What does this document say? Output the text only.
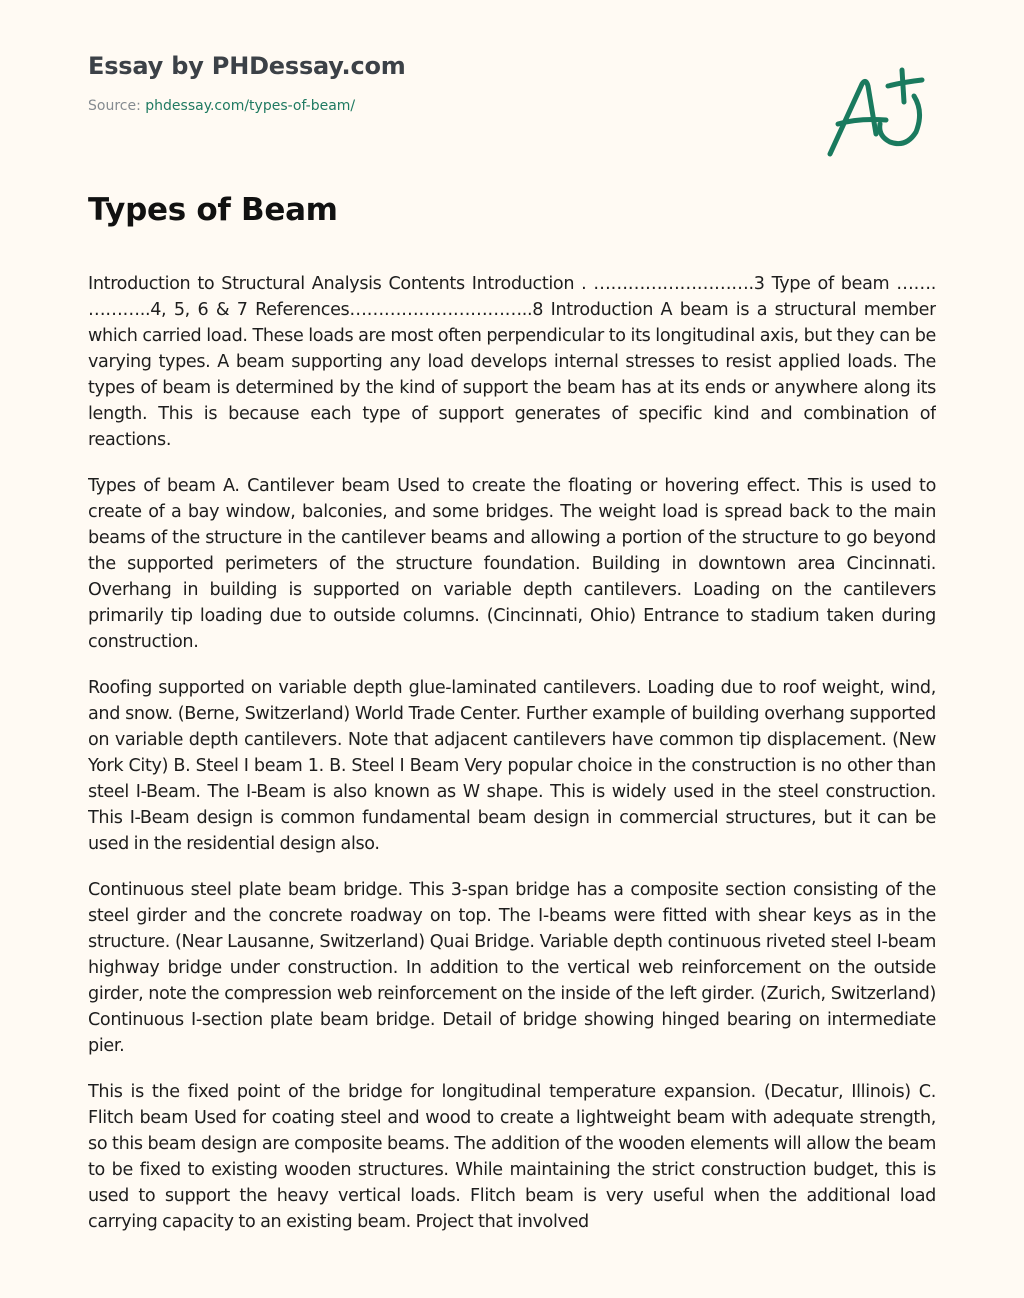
Essay by PHDessay.com
Source: phdessay.com/types-of-beam/
Types of Beam

Introduction to Structural Analysis Contents Introduction . ……………………….3 Type of beam ……. ………..4, 5, 6 & 7 References…………………………..8 Introduction A beam is a structural member which carried load. These loads are most often perpendicular to its longitudinal axis, but they can be varying types. A beam supporting any load develops internal stresses to resist applied loads. The types of beam is determined by the kind of support the beam has at its ends or anywhere along its length. This is because each type of support generates of specific kind and combination of reactions.

Types of beam A. Cantilever beam Used to create the floating or hovering effect. This is used to create of a bay window, balconies, and some bridges. The weight load is spread back to the main beams of the structure in the cantilever beams and allowing a portion of the structure to go beyond the supported perimeters of the structure foundation. Building in downtown area Cincinnati. Overhang in building is supported on variable depth cantilevers. Loading on the cantilevers primarily tip loading due to outside columns. (Cincinnati, Ohio) Entrance to stadium taken during construction.

Roofing supported on variable depth glue-laminated cantilevers. Loading due to roof weight, wind, and snow. (Berne, Switzerland) World Trade Center. Further example of building overhang supported on variable depth cantilevers. Note that adjacent cantilevers have common tip displacement. (New York City) B. Steel I beam 1. B. Steel I Beam Very popular choice in the construction is no other than steel I-Beam. The I-Beam is also known as W shape. This is widely used in the steel construction. This I-Beam design is common fundamental beam design in commercial structures, but it can be used in the residential design also.

Continuous steel plate beam bridge. This 3-span bridge has a composite section consisting of the steel girder and the concrete roadway on top. The I-beams were fitted with shear keys as in the structure. (Near Lausanne, Switzerland) Quai Bridge. Variable depth continuous riveted steel I-beam highway bridge under construction. In addition to the vertical web reinforcement on the outside girder, note the compression web reinforcement on the inside of the left girder. (Zurich, Switzerland) Continuous I-section plate beam bridge. Detail of bridge showing hinged bearing on intermediate pier.

This is the fixed point of the bridge for longitudinal temperature expansion. (Decatur, Illinois) C. Flitch beam Used for coating steel and wood to create a lightweight beam with adequate strength, so this beam design are composite beams. The addition of the wooden elements will allow the beam to be fixed to existing wooden structures. While maintaining the strict construction budget, this is used to support the heavy vertical loads. Flitch beam is very useful when the additional load carrying capacity to an existing beam. Project that involved
